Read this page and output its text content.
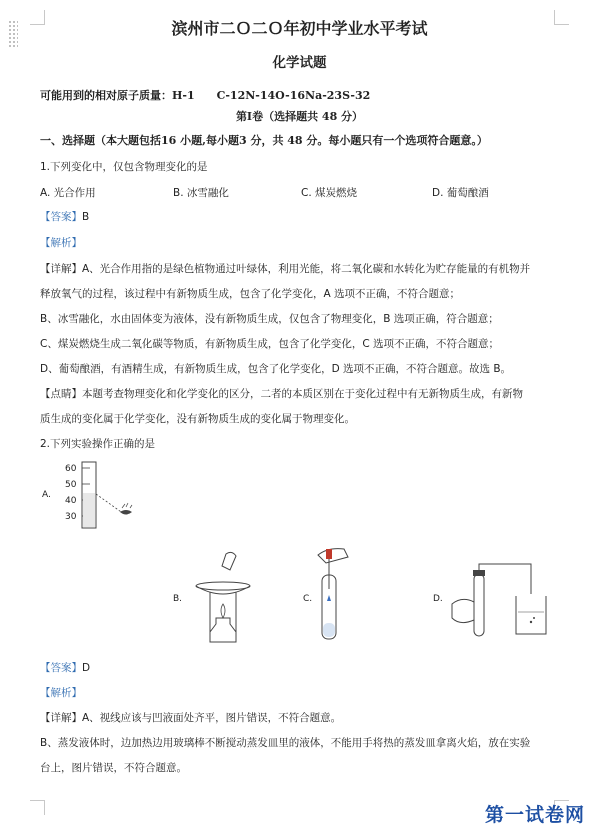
滨州市二Ｏ二Ｏ年初中学业水平考试
化学试题
可能用到的相对原子质量：H-1　　C-12N-14O-16Na-23S-32
第Ⅰ卷（选择题共 48 分）
一、选择题（本大题包括16 小题,每小题3 分，共 48 分。每小题只有一个选项符合题意。）
1.下列变化中，仅包含物理变化的是
A. 光合作用	B. 冰雪融化	C. 煤炭燃烧	D. 葡萄酿酒
【答案】B
【解析】
【详解】A、光合作用指的是绿色植物通过叶绿体，利用光能，将二氧化碳和水转化为贮存能量的有机物并
释放氧气的过程，该过程中有新物质生成，包含了化学变化，A 选项不正确，不符合题意；
B、冰雪融化，水由固体变为液体，没有新物质生成，仅包含了物理变化，B 选项正确，符合题意；
C、煤炭燃烧生成二氧化碳等物质，有新物质生成，包含了化学变化，C 选项不正确，不符合题意；
D、葡萄酿酒，有酒精生成，有新物质生成，包含了化学变化，D 选项不正确，不符合题意。故选 B。
【点睛】本题考查物理变化和化学变化的区分，二者的本质区别在于变化过程中有无新物质生成，有新物
质生成的变化属于化学变化，没有新物质生成的变化属于物理变化。
2.下列实验操作正确的是
A.
60
50
40
30
B.	C.	D.
【答案】D
【解析】
【详解】A、视线应该与凹液面处齐平，图片错误，不符合题意。
B、蒸发液体时，边加热边用玻璃棒不断搅动蒸发皿里的液体，不能用手将热的蒸发皿拿离火焰，放在实验
台上，图片错误，不符合题意。
第一试卷网
